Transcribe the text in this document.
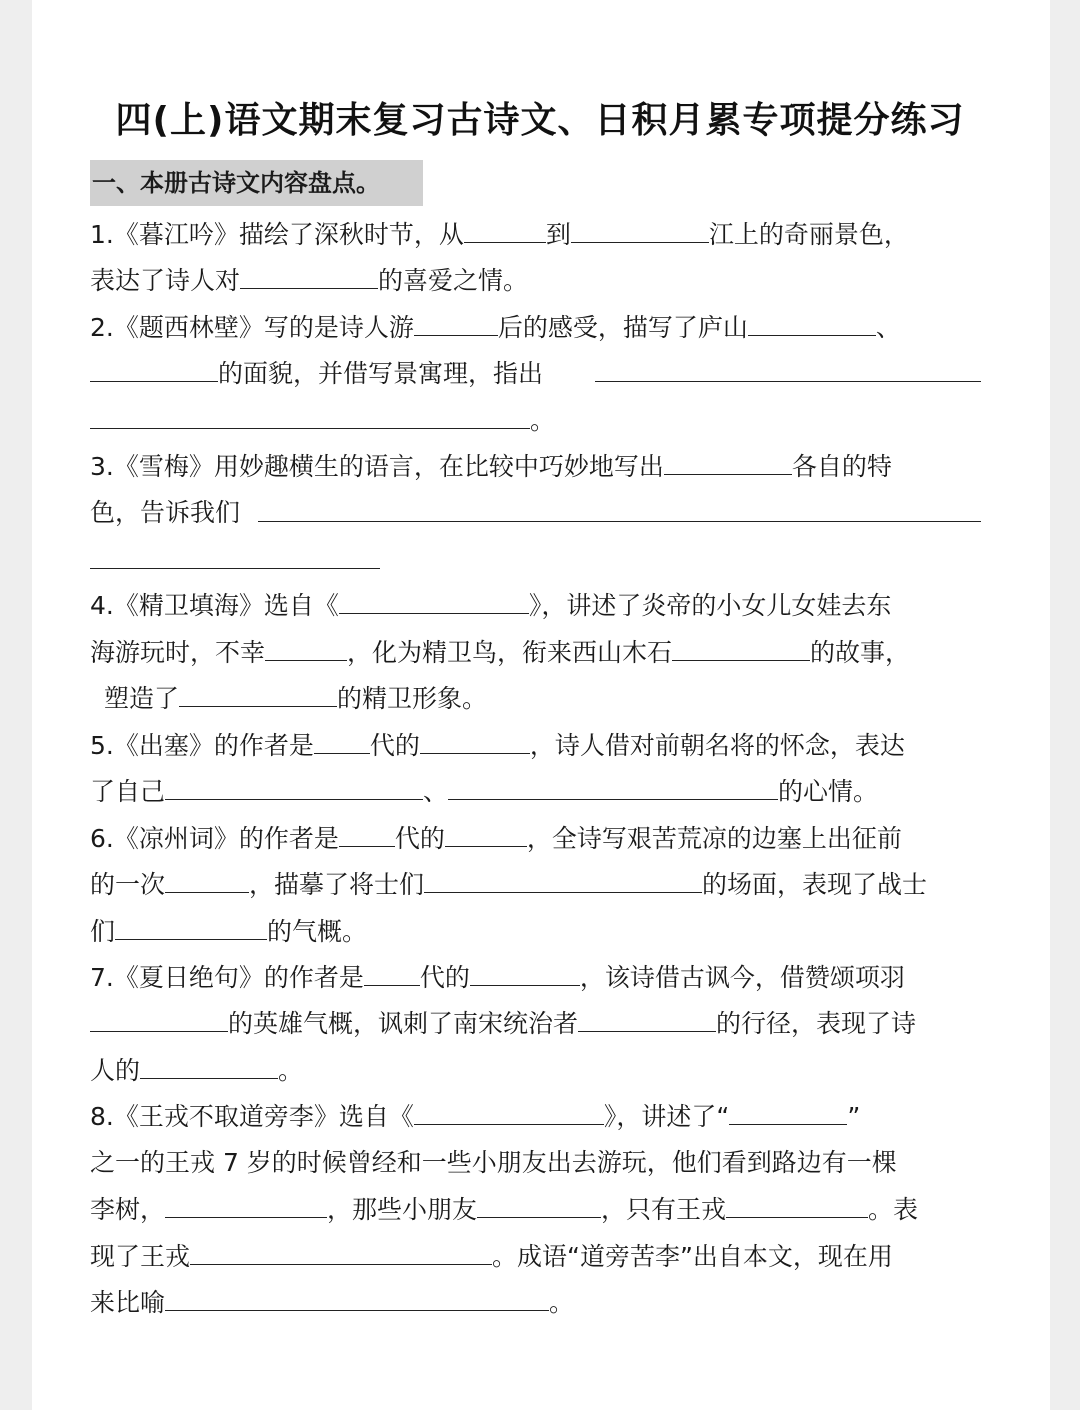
四(上)语文期末复习古诗文、日积月累专项提分练习
一、本册古诗文内容盘点。
1.《暮江吟》描绘了深秋时节，从	到	江上的奇丽景色，
表达了诗人对	的喜爱之情。
2.《题西林壁》写的是诗人游	后的感受，描写了庐山	、
的面貌，并借写景寓理，指出
。
3.《雪梅》用妙趣横生的语言，在比较中巧妙地写出	各自的特
色，告诉我们
4.《精卫填海》选自《	》，讲述了炎帝的小女儿女娃去东
海游玩时，不幸	，化为精卫鸟，衔来西山木石	的故事，
塑造了	的精卫形象。
5.《出塞》的作者是 代的	，诗人借对前朝名将的怀念，表达
了自己	、	的心情。
6.《凉州词》的作者是 代的	，全诗写艰苦荒凉的边塞上出征前
的一次	，描摹了将士们	的场面，表现了战士
们	的气概。
7.《夏日绝句》的作者是 代的	，该诗借古讽今，借赞颂项羽
的英雄气概，讽刺了南宋统治者	的行径，表现了诗
人的	。
8.《王戎不取道旁李》选自《	》，讲述了“	”
之一的王戎 7 岁的时候曾经和一些小朋友出去游玩，他们看到路边有一棵
李树，	，那些小朋友	，只有王戎	。表
现了王戎	。成语“道旁苦李”出自本文，现在用
来比喻	。
